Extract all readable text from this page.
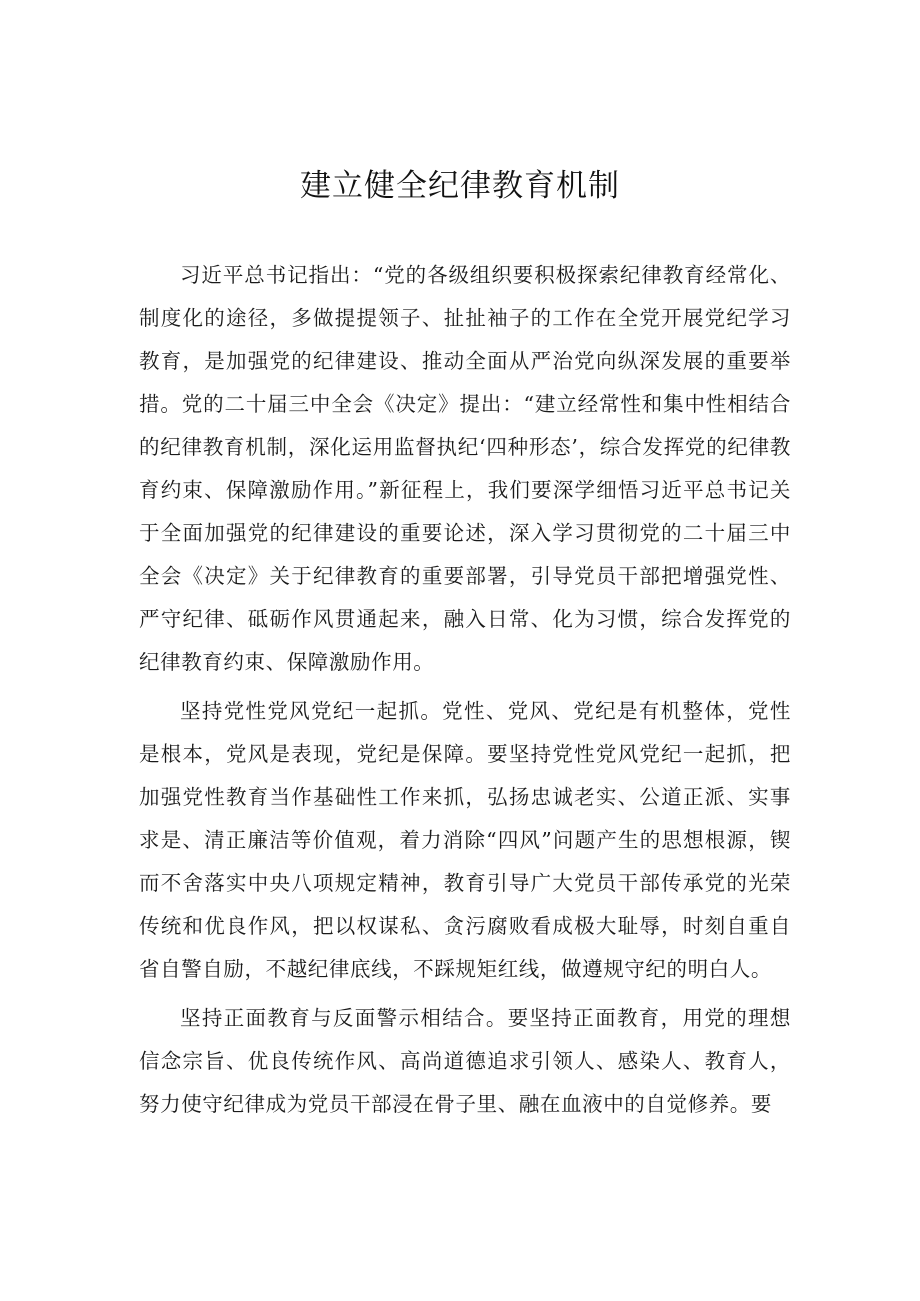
建立健全纪律教育机制

习近平总书记指出：“党的各级组织要积极探索纪律教育经常化、制度化的途径，多做提提领子、扯扯袖子的工作在全党开展党纪学习教育，是加强党的纪律建设、推动全面从严治党向纵深发展的重要举措。党的二十届三中全会《决定》提出：“建立经常性和集中性相结合的纪律教育机制，深化运用监督执纪‘四种形态’，综合发挥党的纪律教育约束、保障激励作用。”新征程上，我们要深学细悟习近平总书记关于全面加强党的纪律建设的重要论述，深入学习贯彻党的二十届三中全会《决定》关于纪律教育的重要部署，引导党员干部把增强党性、严守纪律、砥砺作风贯通起来，融入日常、化为习惯，综合发挥党的纪律教育约束、保障激励作用。

坚持党性党风党纪一起抓。党性、党风、党纪是有机整体，党性是根本，党风是表现，党纪是保障。要坚持党性党风党纪一起抓，把加强党性教育当作基础性工作来抓，弘扬忠诚老实、公道正派、实事求是、清正廉洁等价值观，着力消除“四风”问题产生的思想根源，锲而不舍落实中央八项规定精神，教育引导广大党员干部传承党的光荣传统和优良作风，把以权谋私、贪污腐败看成极大耻辱，时刻自重自省自警自励，不越纪律底线，不踩规矩红线，做遵规守纪的明白人。

坚持正面教育与反面警示相结合。要坚持正面教育，用党的理想信念宗旨、优良传统作风、高尚道德追求引领人、感染人、教育人，努力使守纪律成为党员干部浸在骨子里、融在血液中的自觉修养。要
